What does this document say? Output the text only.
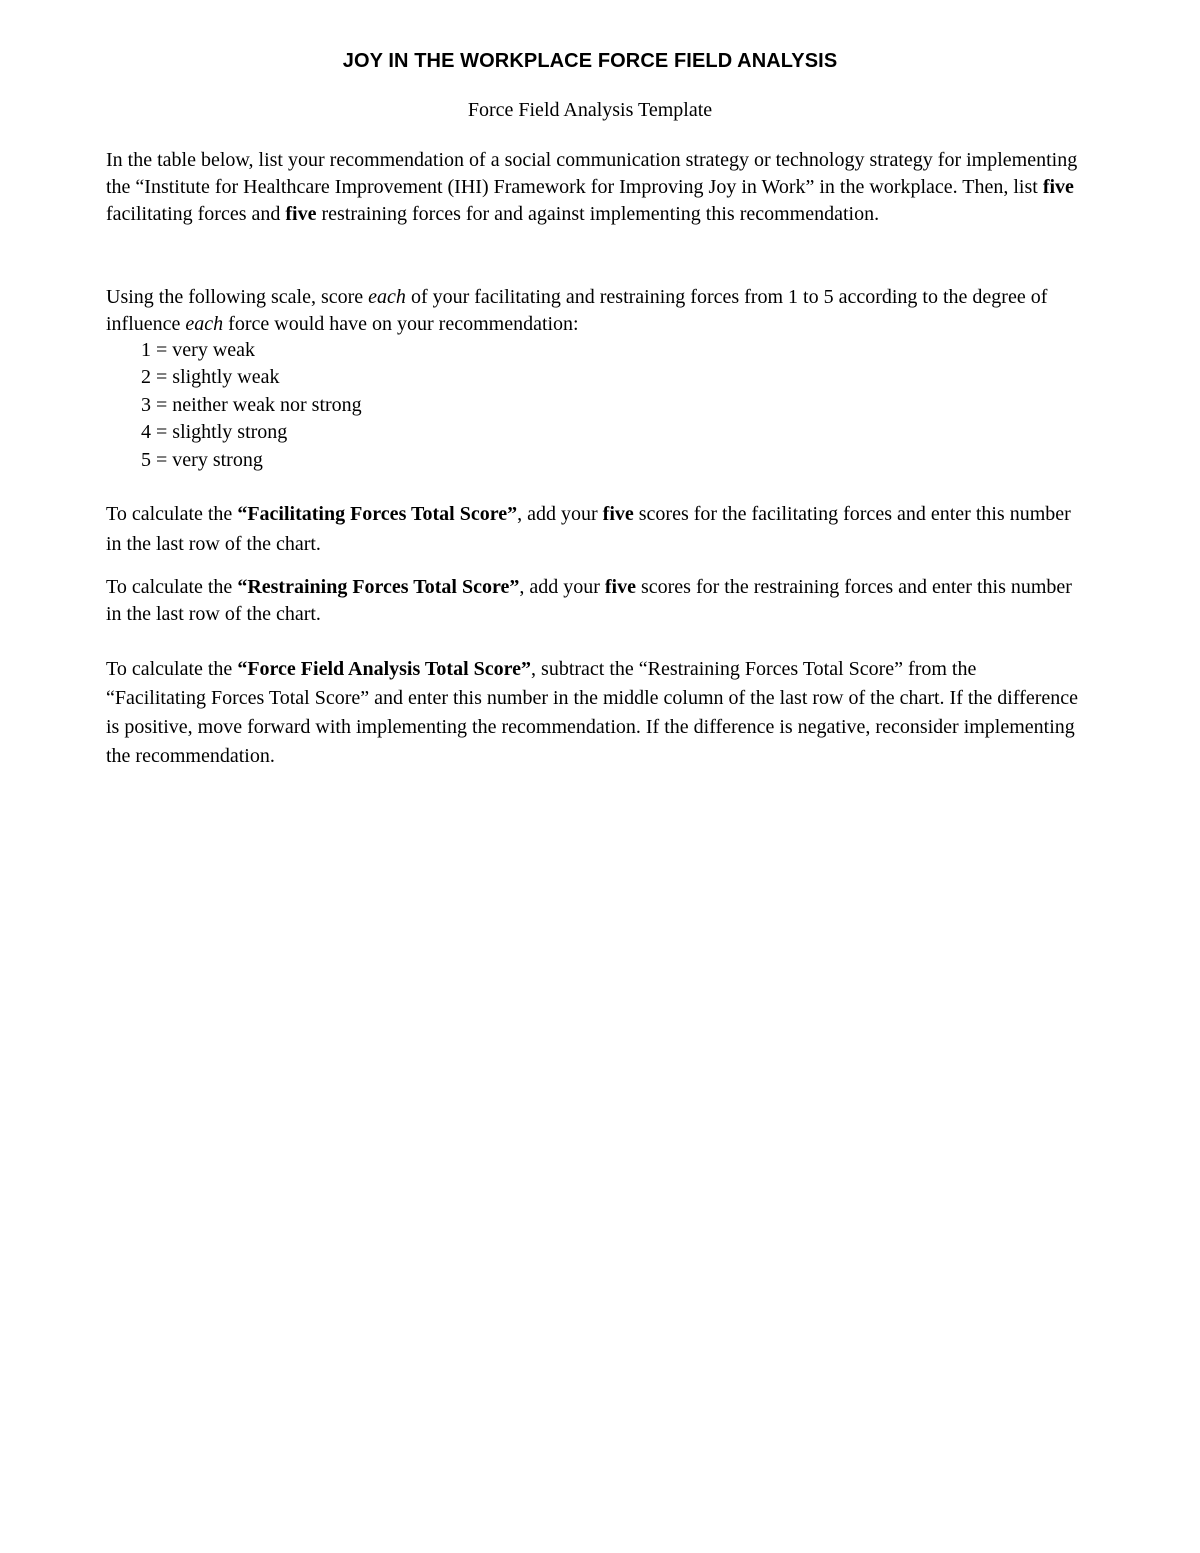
JOY IN THE WORKPLACE FORCE FIELD ANALYSIS

Force Field Analysis Template

In the table below, list your recommendation of a social communication strategy or technology strategy for implementing the “Institute for Healthcare Improvement (IHI) Framework for Improving Joy in Work” in the workplace. Then, list five facilitating forces and five restraining forces for and against implementing this recommendation.

Using the following scale, score each of your facilitating and restraining forces from 1 to 5 according to the degree of influence each force would have on your recommendation:

1 = very weak
2 = slightly weak
3 = neither weak nor strong
4 = slightly strong
5 = very strong

To calculate the “Facilitating Forces Total Score”, add your five scores for the facilitating forces and enter this number in the last row of the chart.

To calculate the “Restraining Forces Total Score”, add your five scores for the restraining forces and enter this number in the last row of the chart.

To calculate the “Force Field Analysis Total Score”, subtract the “Restraining Forces Total Score” from the “Facilitating Forces Total Score” and enter this number in the middle column of the last row of the chart. If the difference is positive, move forward with implementing the recommendation. If the difference is negative, reconsider implementing the recommendation.
